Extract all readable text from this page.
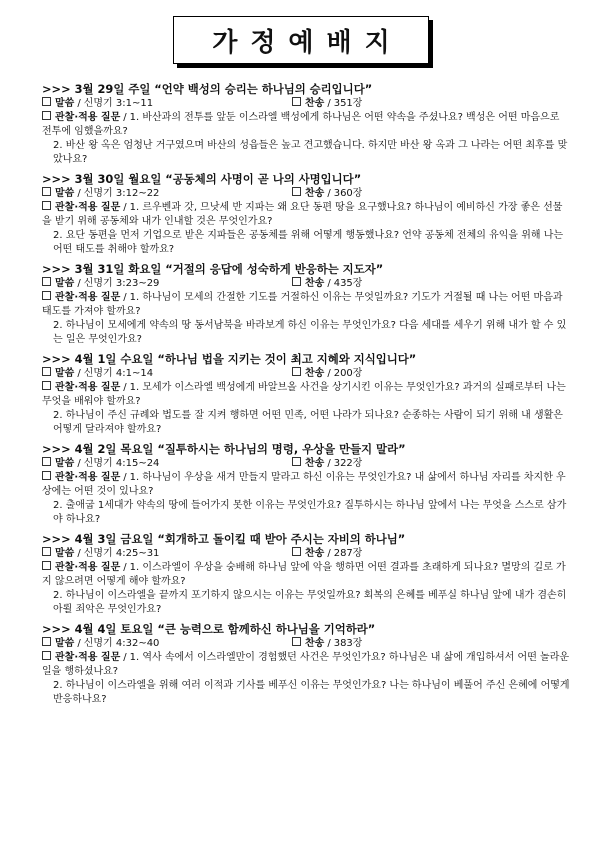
가정예배지
>>> 3월 29일 주일 “언약 백성의 승리는 하나님의 승리입니다”
말씀 / 신명기 3:1~11	찬송 / 351장
관찰·적용 질문 / 1. 바산과의 전투를 앞둔 이스라엘 백성에게 하나님은 어떤 약속을 주셨나요? 백성은 어떤 마음으로 전투에 임했을까요?
2. 바산 왕 옥은 엄청난 거구였으며 바산의 성읍들은 높고 견고했습니다. 하지만 바산 왕 옥과 그 나라는 어떤 최후를 맞았나요?
>>> 3월 30일 월요일 “공동체의 사명이 곧 나의 사명입니다”
말씀 / 신명기 3:12~22	찬송 / 360장
관찰·적용 질문 / 1. 르우벤과 갓, 므낫세 반 지파는 왜 요단 동편 땅을 요구했나요? 하나님이 예비하신 가장 좋은 선물을 받기 위해 공동체와 내가 인내할 것은 무엇인가요?
2. 요단 동편을 먼저 기업으로 받은 지파들은 공동체를 위해 어떻게 행동했나요? 언약 공동체 전체의 유익을 위해 나는 어떤 태도를 취해야 할까요?
>>> 3월 31일 화요일 “거절의 응답에 성숙하게 반응하는 지도자”
말씀 / 신명기 3:23~29	찬송 / 435장
관찰·적용 질문 / 1. 하나님이 모세의 간절한 기도를 거절하신 이유는 무엇일까요? 기도가 거절될 때 나는 어떤 마음과 태도를 가져야 할까요?
2. 하나님이 모세에게 약속의 땅 동서남북을 바라보게 하신 이유는 무엇인가요? 다음 세대를 세우기 위해 내가 할 수 있는 일은 무엇인가요?
>>> 4월 1일 수요일 “하나님 법을 지키는 것이 최고 지혜와 지식입니다”
말씀 / 신명기 4:1~14	찬송 / 200장
관찰·적용 질문 / 1. 모세가 이스라엘 백성에게 바알브올 사건을 상기시킨 이유는 무엇인가요? 과거의 실패로부터 나는 무엇을 배워야 할까요?
2. 하나님이 주신 규례와 법도를 잘 지켜 행하면 어떤 민족, 어떤 나라가 되나요? 순종하는 사람이 되기 위해 내 생활은 어떻게 달라져야 할까요?
>>> 4월 2일 목요일 “질투하시는 하나님의 명령, 우상을 만들지 말라”
말씀 / 신명기 4:15~24	찬송 / 322장
관찰·적용 질문 / 1. 하나님이 우상을 새겨 만들지 말라고 하신 이유는 무엇인가요? 내 삶에서 하나님 자리를 차지한 우상에는 어떤 것이 있나요?
2. 출애굽 1세대가 약속의 땅에 들어가지 못한 이유는 무엇인가요? 질투하시는 하나님 앞에서 나는 무엇을 스스로 삼가야 하나요?
>>> 4월 3일 금요일 “회개하고 돌이킬 때 받아 주시는 자비의 하나님”
말씀 / 신명기 4:25~31	찬송 / 287장
관찰·적용 질문 / 1. 이스라엘이 우상을 숭배해 하나님 앞에 악을 행하면 어떤 결과를 초래하게 되나요? 멸망의 길로 가지 않으려면 어떻게 해야 할까요?
2. 하나님이 이스라엘을 끝까지 포기하지 않으시는 이유는 무엇일까요? 회복의 은혜를 베푸실 하나님 앞에 내가 겸손히 아뢸 죄악은 무엇인가요?
>>> 4월 4일 토요일 “큰 능력으로 함께하신 하나님을 기억하라”
말씀 / 신명기 4:32~40	찬송 / 383장
관찰·적용 질문 / 1. 역사 속에서 이스라엘만이 경험했던 사건은 무엇인가요? 하나님은 내 삶에 개입하셔서 어떤 놀라운 일을 행하셨나요?
2. 하나님이 이스라엘을 위해 여러 이적과 기사를 베푸신 이유는 무엇인가요? 나는 하나님이 베풀어 주신 은혜에 어떻게 반응하나요?
